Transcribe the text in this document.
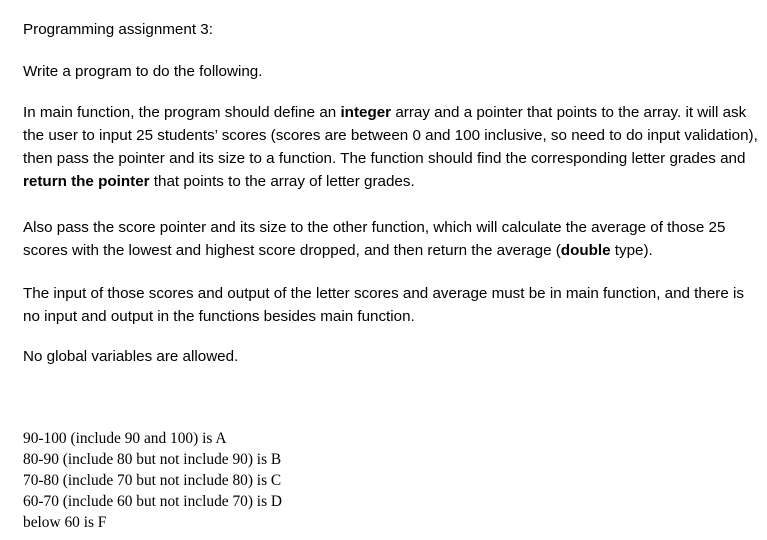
Programming assignment 3:

Write a program to do the following.

In main function, the program should define an integer array and a pointer that points to the array. it will ask the user to input 25 students’ scores (scores are between 0 and 100 inclusive, so need to do input validation), then pass the pointer and its size to a function. The function should find the corresponding letter grades and return the pointer that points to the array of letter grades.

Also pass the score pointer and its size to the other function, which will calculate the average of those 25 scores with the lowest and highest score dropped, and then return the average (double type).

The input of those scores and output of the letter scores and average must be in main function, and there is no input and output in the functions besides main function.

No global variables are allowed.

90-100 (include 90 and 100) is A
80-90 (include 80 but not include 90) is B
70-80 (include 70 but not include 80) is C
60-70 (include 60 but not include 70) is D
below 60 is F
